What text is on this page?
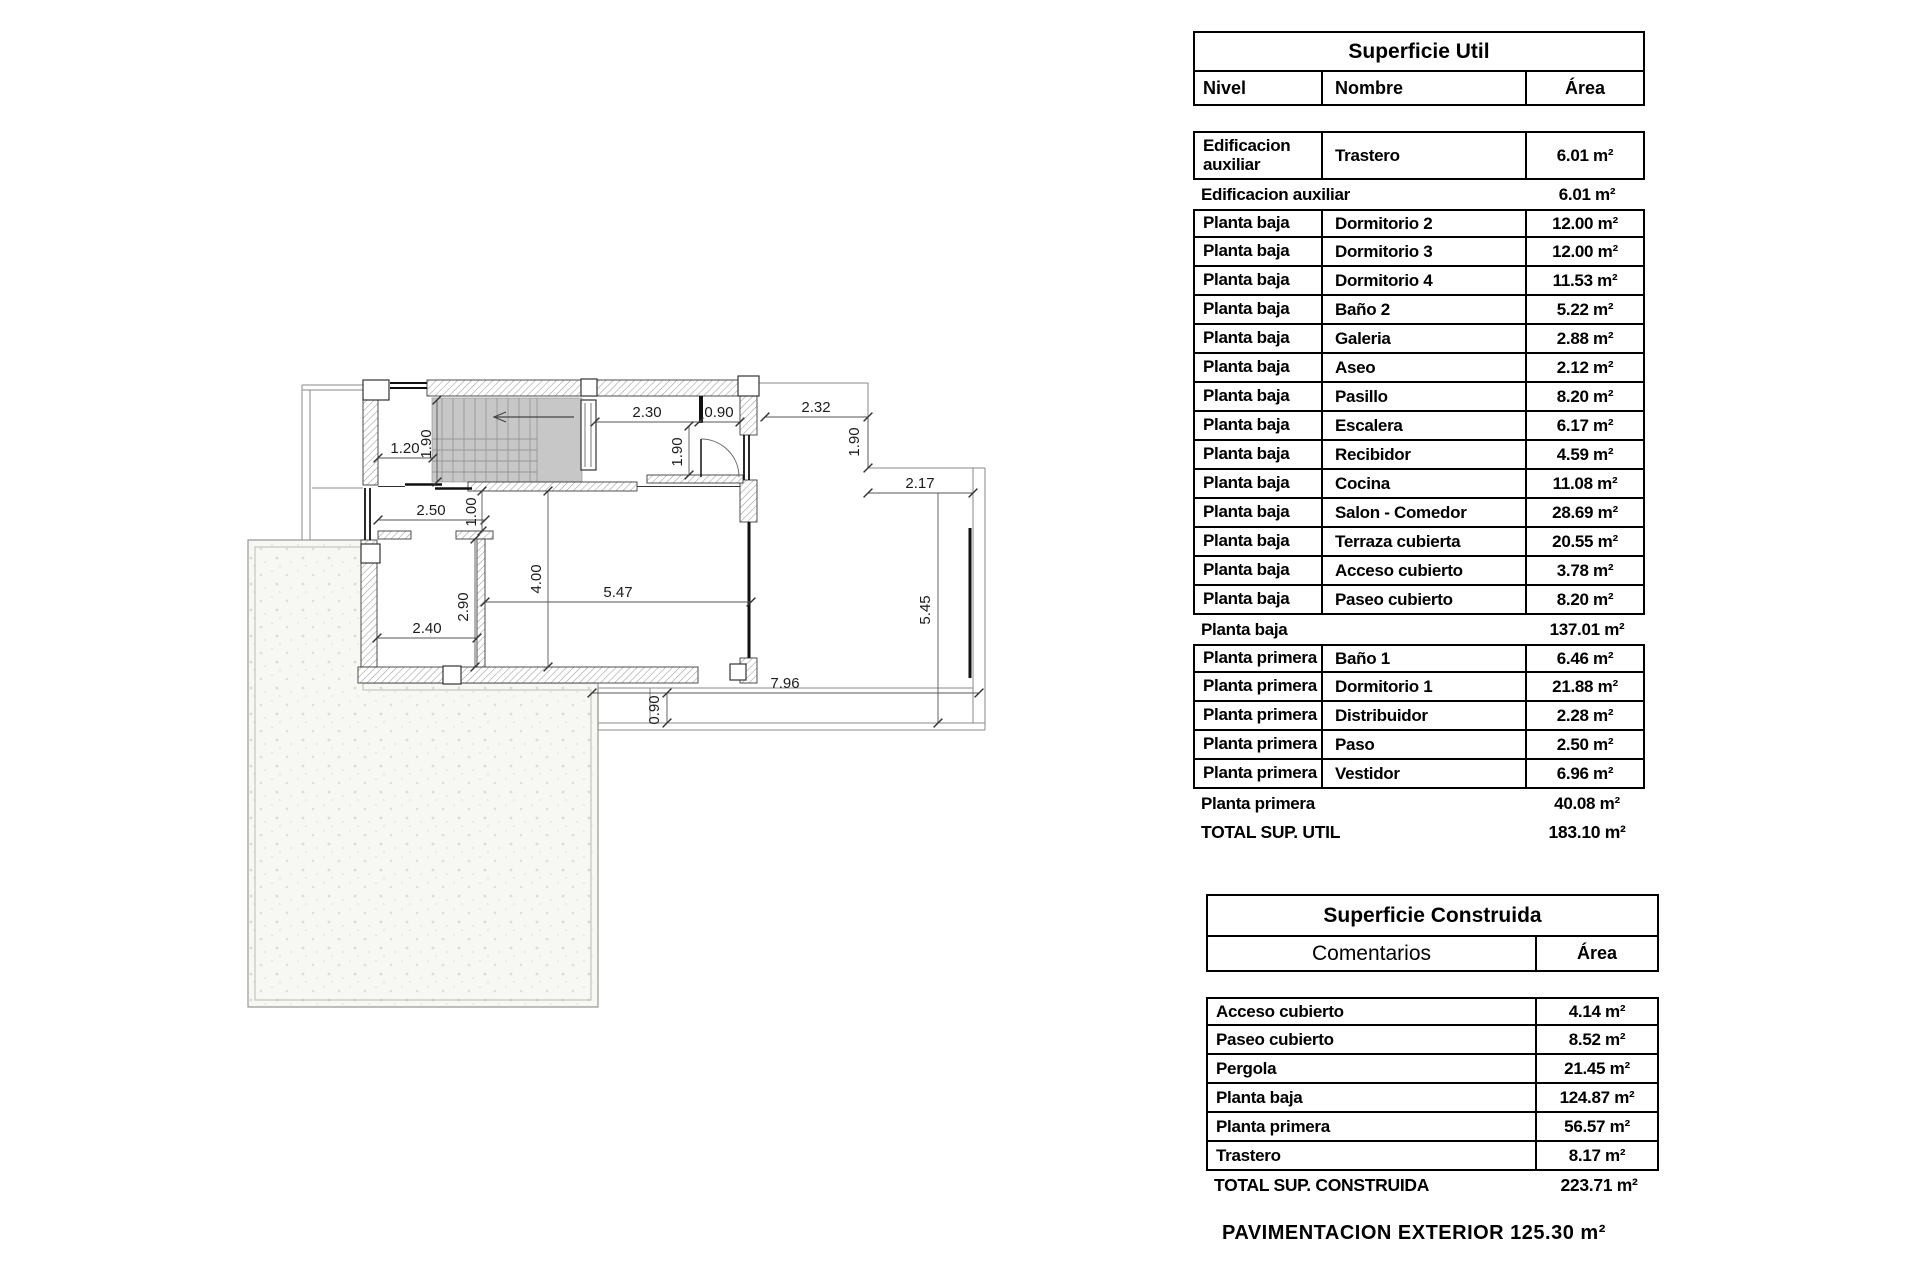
1.20
1.90
2.30	0.90
1.90
2.32
1.90
2.17
5.45
2.50 1.00
4.00	5.47
2.90
2.40
7.96
0.90
Superficie Util
Nivel	Nombre	Área
Edificacion auxiliar	Trastero	6.01 m²
Edificacion auxiliar	6.01 m²
Planta baja	Dormitorio 2	12.00 m²
Planta baja	Dormitorio 3	12.00 m²
Planta baja	Dormitorio 4	11.53 m²
Planta baja	Baño 2	5.22 m²
Planta baja	Galeria	2.88 m²
Planta baja	Aseo	2.12 m²
Planta baja	Pasillo	8.20 m²
Planta baja	Escalera	6.17 m²
Planta baja	Recibidor	4.59 m²
Planta baja	Cocina	11.08 m²
Planta baja	Salon - Comedor	28.69 m²
Planta baja	Terraza cubierta	20.55 m²
Planta baja	Acceso cubierto	3.78 m²
Planta baja	Paseo cubierto	8.20 m²
Planta baja	137.01 m²
Planta primera	Baño 1	6.46 m²
Planta primera	Dormitorio 1	21.88 m²
Planta primera	Distribuidor	2.28 m²
Planta primera	Paso	2.50 m²
Planta primera	Vestidor	6.96 m²
Planta primera	40.08 m²
TOTAL SUP. UTIL	183.10 m²
Superficie Construida
Comentarios	Área
Acceso cubierto	4.14 m²
Paseo cubierto	8.52 m²
Pergola	21.45 m²
Planta baja	124.87 m²
Planta primera	56.57 m²
Trastero	8.17 m²
TOTAL SUP. CONSTRUIDA	223.71 m²
PAVIMENTACION EXTERIOR 125.30 m²
